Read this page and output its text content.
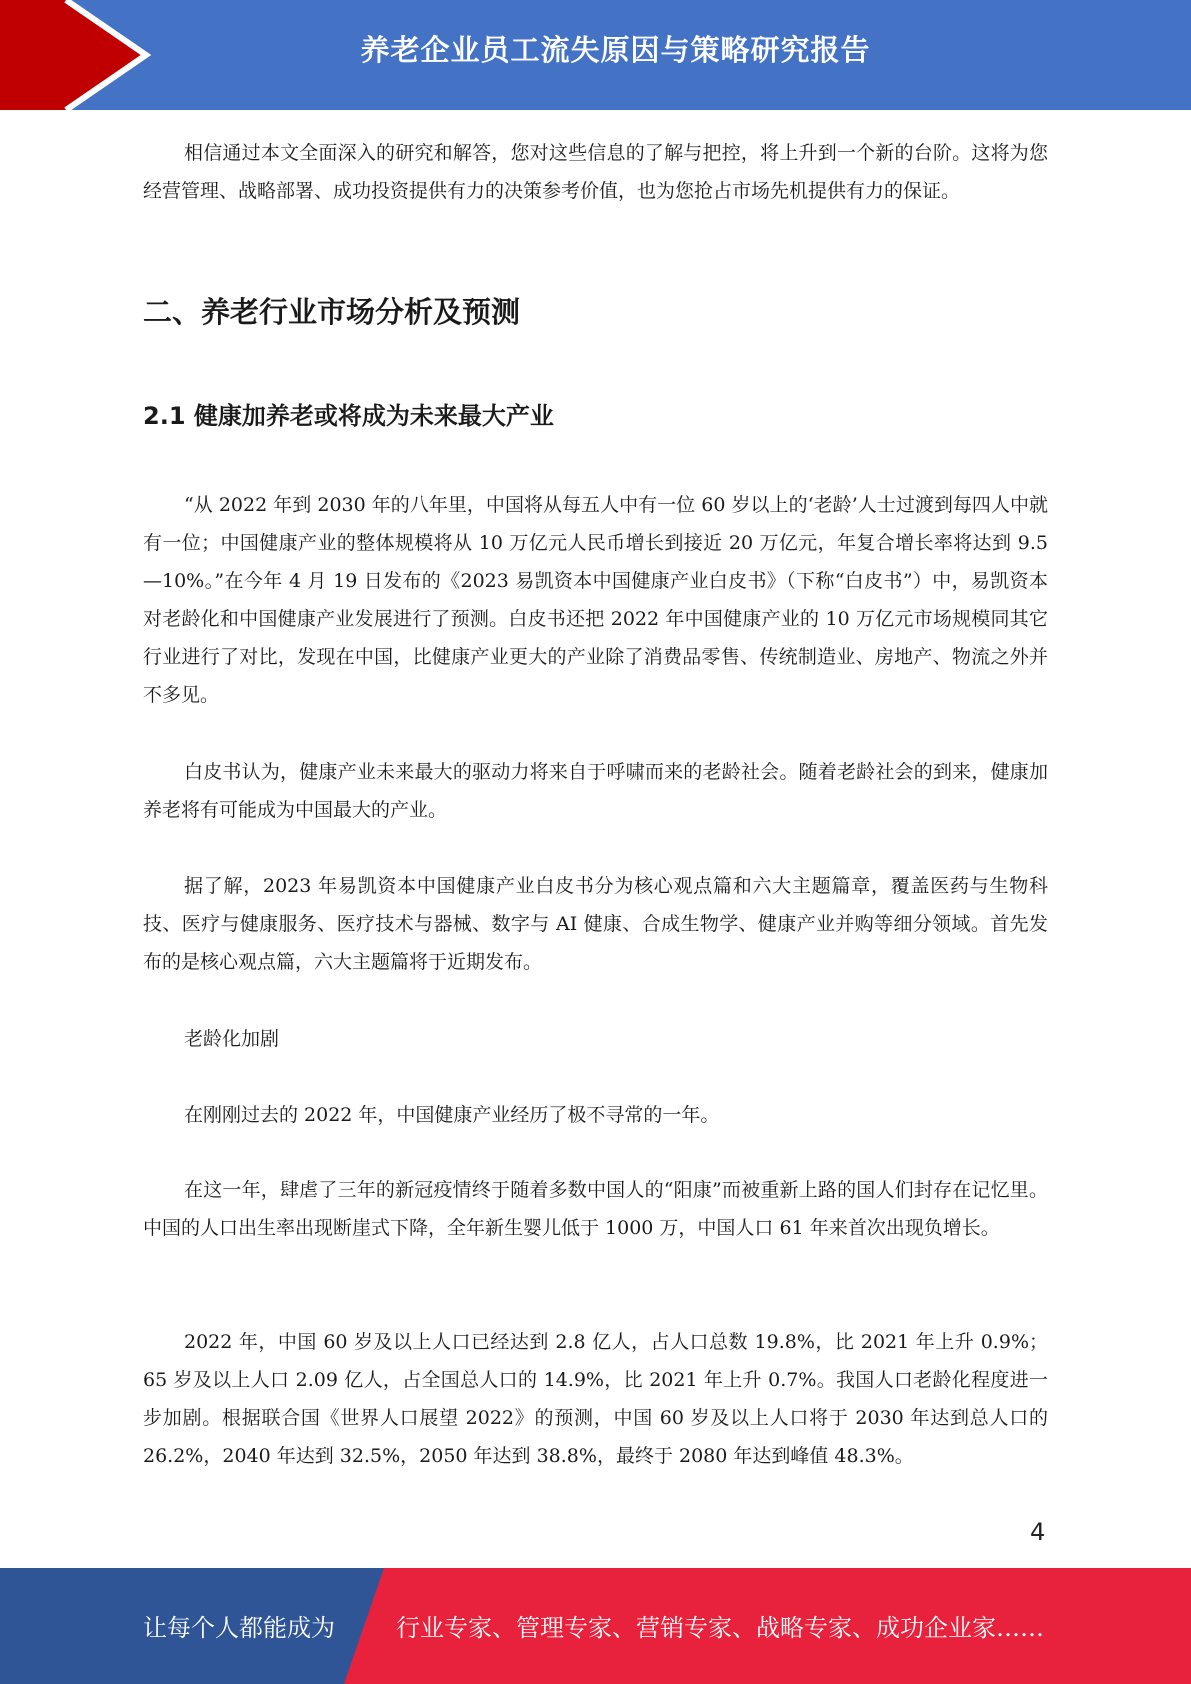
养老企业员工流失原因与策略研究报告

相信通过本文全面深入的研究和解答，您对这些信息的了解与把控，将上升到一个新的台阶。这将为您经营管理、战略部署、成功投资提供有力的决策参考价值，也为您抢占市场先机提供有力的保证。

二、养老行业市场分析及预测
2.1 健康加养老或将成为未来最大产业

“从 2022 年到 2030 年的八年里，中国将从每五人中有一位 60 岁以上的‘老龄’人士过渡到每四人中就有一位；中国健康产业的整体规模将从 10 万亿元人民币增长到接近 20 万亿元，年复合增长率将达到 9.5—10%。”在今年 4 月 19 日发布的《2023 易凯资本中国健康产业白皮书》（下称“白皮书”）中，易凯资本对老龄化和中国健康产业发展进行了预测。白皮书还把 2022 年中国健康产业的 10 万亿元市场规模同其它行业进行了对比，发现在中国，比健康产业更大的产业除了消费品零售、传统制造业、房地产、物流之外并不多见。

白皮书认为，健康产业未来最大的驱动力将来自于呼啸而来的老龄社会。随着老龄社会的到来，健康加养老将有可能成为中国最大的产业。

据了解，2023 年易凯资本中国健康产业白皮书分为核心观点篇和六大主题篇章，覆盖医药与生物科技、医疗与健康服务、医疗技术与器械、数字与 AI 健康、合成生物学、健康产业并购等细分领域。首先发布的是核心观点篇，六大主题篇将于近期发布。

老龄化加剧

在刚刚过去的 2022 年，中国健康产业经历了极不寻常的一年。

在这一年，肆虐了三年的新冠疫情终于随着多数中国人的“阳康”而被重新上路的国人们封存在记忆里。中国的人口出生率出现断崖式下降，全年新生婴儿低于 1000 万，中国人口 61 年来首次出现负增长。

2022 年，中国 60 岁及以上人口已经达到 2.8 亿人，占人口总数 19.8%，比 2021 年上升 0.9%；65 岁及以上人口 2.09 亿人，占全国总人口的 14.9%，比 2021 年上升 0.7%。我国人口老龄化程度进一步加剧。根据联合国《世界人口展望 2022》的预测，中国 60 岁及以上人口将于 2030 年达到总人口的 26.2%，2040 年达到 32.5%，2050 年达到 38.8%，最终于 2080 年达到峰值 48.3%。

4
让每个人都能成为	行业专家、管理专家、营销专家、战略专家、成功企业家……
